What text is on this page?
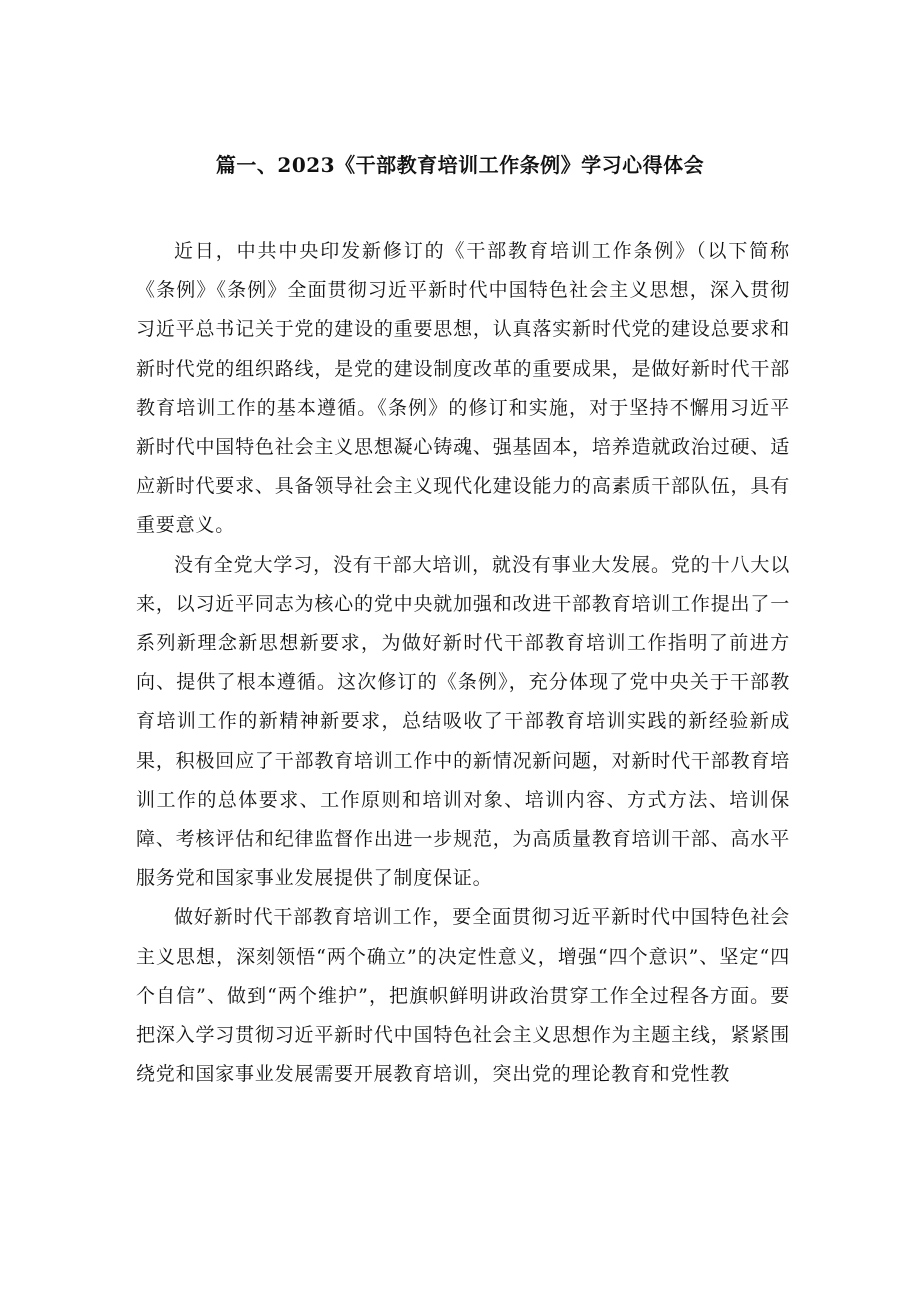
篇一、2023《干部教育培训工作条例》学习心得体会

近日，中共中央印发新修订的《干部教育培训工作条例》（以下简称《条例》《条例》全面贯彻习近平新时代中国特色社会主义思想，深入贯彻习近平总书记关于党的建设的重要思想，认真落实新时代党的建设总要求和新时代党的组织路线，是党的建设制度改革的重要成果，是做好新时代干部教育培训工作的基本遵循。《条例》的修订和实施，对于坚持不懈用习近平新时代中国特色社会主义思想凝心铸魂、强基固本，培养造就政治过硬、适应新时代要求、具备领导社会主义现代化建设能力的高素质干部队伍，具有重要意义。

没有全党大学习，没有干部大培训，就没有事业大发展。党的十八大以来，以习近平同志为核心的党中央就加强和改进干部教育培训工作提出了一系列新理念新思想新要求，为做好新时代干部教育培训工作指明了前进方向、提供了根本遵循。这次修订的《条例》，充分体现了党中央关于干部教育培训工作的新精神新要求，总结吸收了干部教育培训实践的新经验新成果，积极回应了干部教育培训工作中的新情况新问题，对新时代干部教育培训工作的总体要求、工作原则和培训对象、培训内容、方式方法、培训保障、考核评估和纪律监督作出进一步规范，为高质量教育培训干部、高水平服务党和国家事业发展提供了制度保证。

做好新时代干部教育培训工作，要全面贯彻习近平新时代中国特色社会主义思想，深刻领悟“两个确立”的决定性意义，增强“四个意识”、坚定“四个自信”、做到“两个维护”，把旗帜鲜明讲政治贯穿工作全过程各方面。要把深入学习贯彻习近平新时代中国特色社会主义思想作为主题主线，紧紧围绕党和国家事业发展需要开展教育培训，突出党的理论教育和党性教
